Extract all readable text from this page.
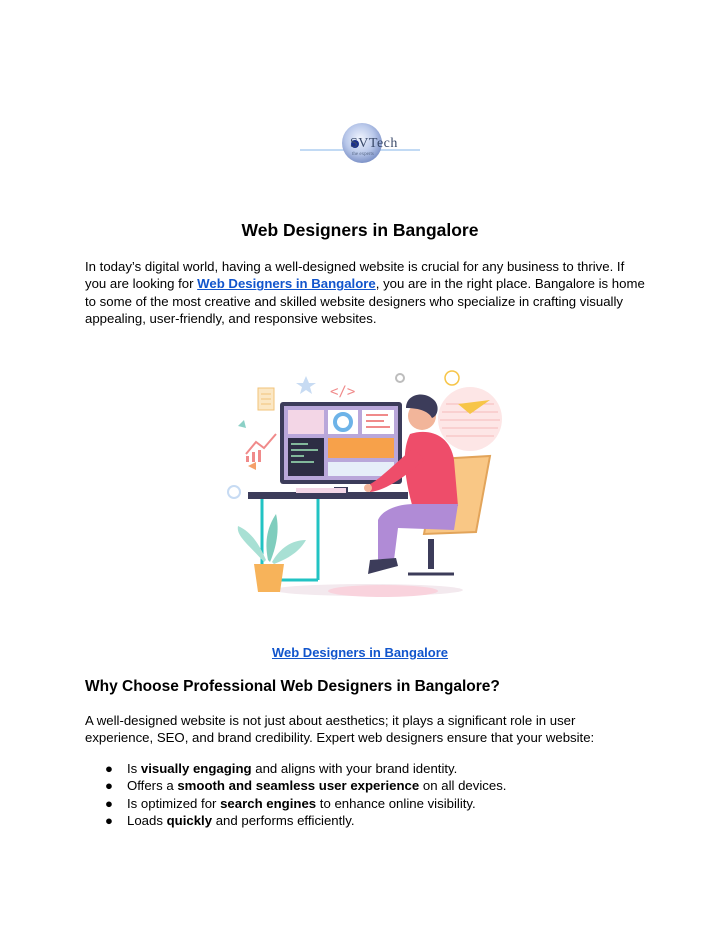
SVTech
the experts
Web Designers in Bangalore

In today’s digital world, having a well-designed website is crucial for any business to thrive. If you are looking for Web Designers in Bangalore, you are in the right place. Bangalore is home to some of the most creative and skilled website designers who specialize in crafting visually appealing, user-friendly, and responsive websites.

</>
Web Designers in Bangalore
Why Choose Professional Web Designers in Bangalore?

A well-designed website is not just about aesthetics; it plays a significant role in user experience, SEO, and brand credibility. Expert web designers ensure that your website:

● Is visually engaging and aligns with your brand identity.
● Offers a smooth and seamless user experience on all devices.
● Is optimized for search engines to enhance online visibility.
● Loads quickly and performs efficiently.
